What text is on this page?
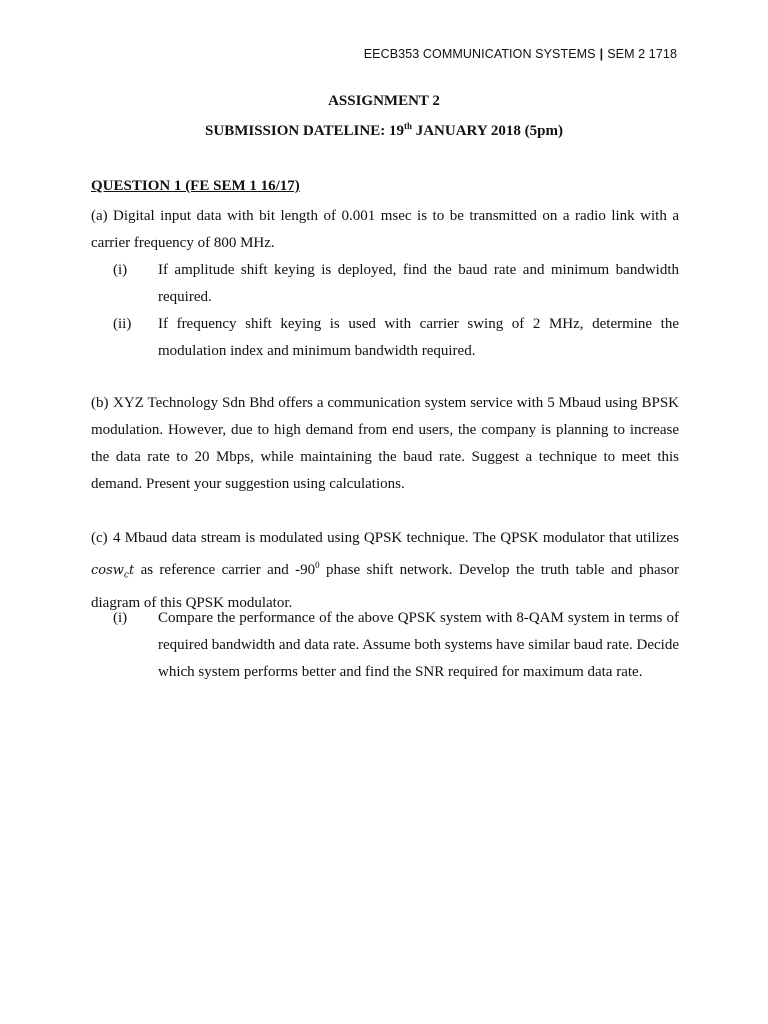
EECB353 COMMUNICATION SYSTEMS | SEM 2 1718
ASSIGNMENT 2
SUBMISSION DATELINE: 19th JANUARY 2018 (5pm)
QUESTION 1 (FE SEM 1 16/17)
(a) Digital input data with bit length of 0.001 msec is to be transmitted on a radio link with a carrier frequency of 800 MHz.
(i) If amplitude shift keying is deployed, find the baud rate and minimum bandwidth required.
(ii) If frequency shift keying is used with carrier swing of 2 MHz, determine the modulation index and minimum bandwidth required.
(b) XYZ Technology Sdn Bhd offers a communication system service with 5 Mbaud using BPSK modulation. However, due to high demand from end users, the company is planning to increase the data rate to 20 Mbps, while maintaining the baud rate. Suggest a technique to meet this demand. Present your suggestion using calculations.
(c) 4 Mbaud data stream is modulated using QPSK technique. The QPSK modulator that utilizes cosw$_c$t as reference carrier and $-90^0$ phase shift network. Develop the truth table and phasor diagram of this QPSK modulator.
(i) Compare the performance of the above QPSK system with 8-QAM system in terms of required bandwidth and data rate. Assume both systems have similar baud rate. Decide which system performs better and find the SNR required for maximum data rate.
